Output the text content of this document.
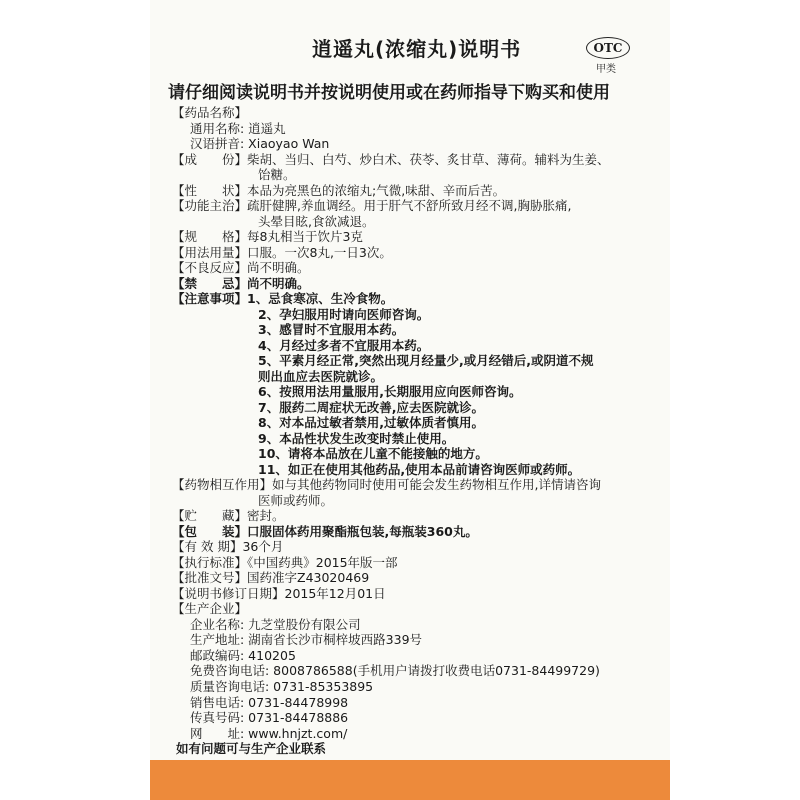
逍遥丸(浓缩丸)说明书	OTC
甲类
请仔细阅读说明书并按说明使用或在药师指导下购买和使用
【药品名称】
通用名称: 逍遥丸
汉语拼音: Xiaoyao Wan
【成　　份】柴胡、当归、白芍、炒白术、茯苓、炙甘草、薄荷。辅料为生姜、
饴糖。
【性　　状】本品为亮黑色的浓缩丸;气微,味甜、辛而后苦。
【功能主治】疏肝健脾,养血调经。用于肝气不舒所致月经不调,胸胁胀痛,
头晕目眩,食欲减退。
【规　　格】每8丸相当于饮片3克
【用法用量】口服。一次8丸,一日3次。
【不良反应】尚不明确。
【禁　　忌】尚不明确。
【注意事项】1、忌食寒凉、生冷食物。
2、孕妇服用时请向医师咨询。
3、感冒时不宜服用本药。
4、月经过多者不宜服用本药。
5、平素月经正常,突然出现月经量少,或月经错后,或阴道不规
则出血应去医院就诊。
6、按照用法用量服用,长期服用应向医师咨询。
7、服药二周症状无改善,应去医院就诊。
8、对本品过敏者禁用,过敏体质者慎用。
9、本品性状发生改变时禁止使用。
10、请将本品放在儿童不能接触的地方。
11、如正在使用其他药品,使用本品前请咨询医师或药师。
【药物相互作用】如与其他药物同时使用可能会发生药物相互作用,详情请咨询
医师或药师。
【贮　　藏】密封。
【包　　装】口服固体药用聚酯瓶包装,每瓶装360丸。
【有 效 期】36个月
【执行标准】《中国药典》2015年版一部
【批准文号】国药准字Z43020469
【说明书修订日期】2015年12月01日
【生产企业】
企业名称: 九芝堂股份有限公司
生产地址: 湖南省长沙市桐梓坡西路339号
邮政编码: 410205
免费咨询电话: 8008786588(手机用户请拨打收费电话0731-84499729)
质量咨询电话: 0731-85353895
销售电话: 0731-84478998
传真号码: 0731-84478886
网　　址: www.hnjzt.com/
如有问题可与生产企业联系
